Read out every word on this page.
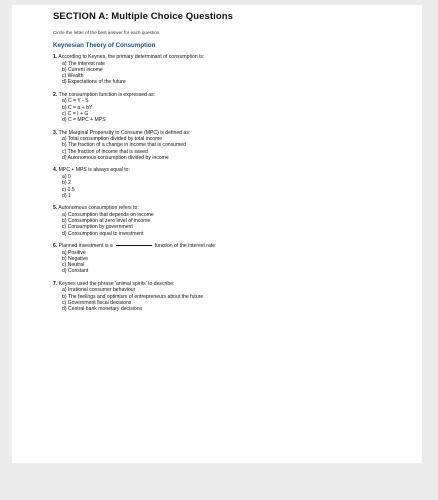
SECTION A: Multiple Choice Questions
Circle the letter of the best answer for each question.
Keynesian Theory of Consumption

1. According to Keynes, the primary determinant of consumption is:

a) The interest rate
b) Current income
c) Wealth
d) Expectations of the future

2. The consumption function is expressed as:

a) C = Y - S
b) C = a + bY
c) C = I + G
d) C = MPC + MPS

3. The Marginal Propensity to Consume (MPC) is defined as:

a) Total consumption divided by total income
b) The fraction of a change in income that is consumed
c) The fraction of income that is saved
d) Autonomous consumption divided by income

4. MPC + MPS is always equal to:

a) 0
b) 2
c) 0.5
d) 1

5. Autonomous consumption refers to:

a) Consumption that depends on income
b) Consumption at zero level of income
c) Consumption by government
d) Consumption equal to investment

6. Planned investment is a	function of the interest rate:

a) Positive
b) Negative
c) Neutral
d) Constant

7. Keynes used the phrase 'animal spirits' to describe:

a) Irrational consumer behaviour
b) The feelings and optimism of entrepreneurs about the future
c) Government fiscal decisions
d) Central bank monetary decisions
